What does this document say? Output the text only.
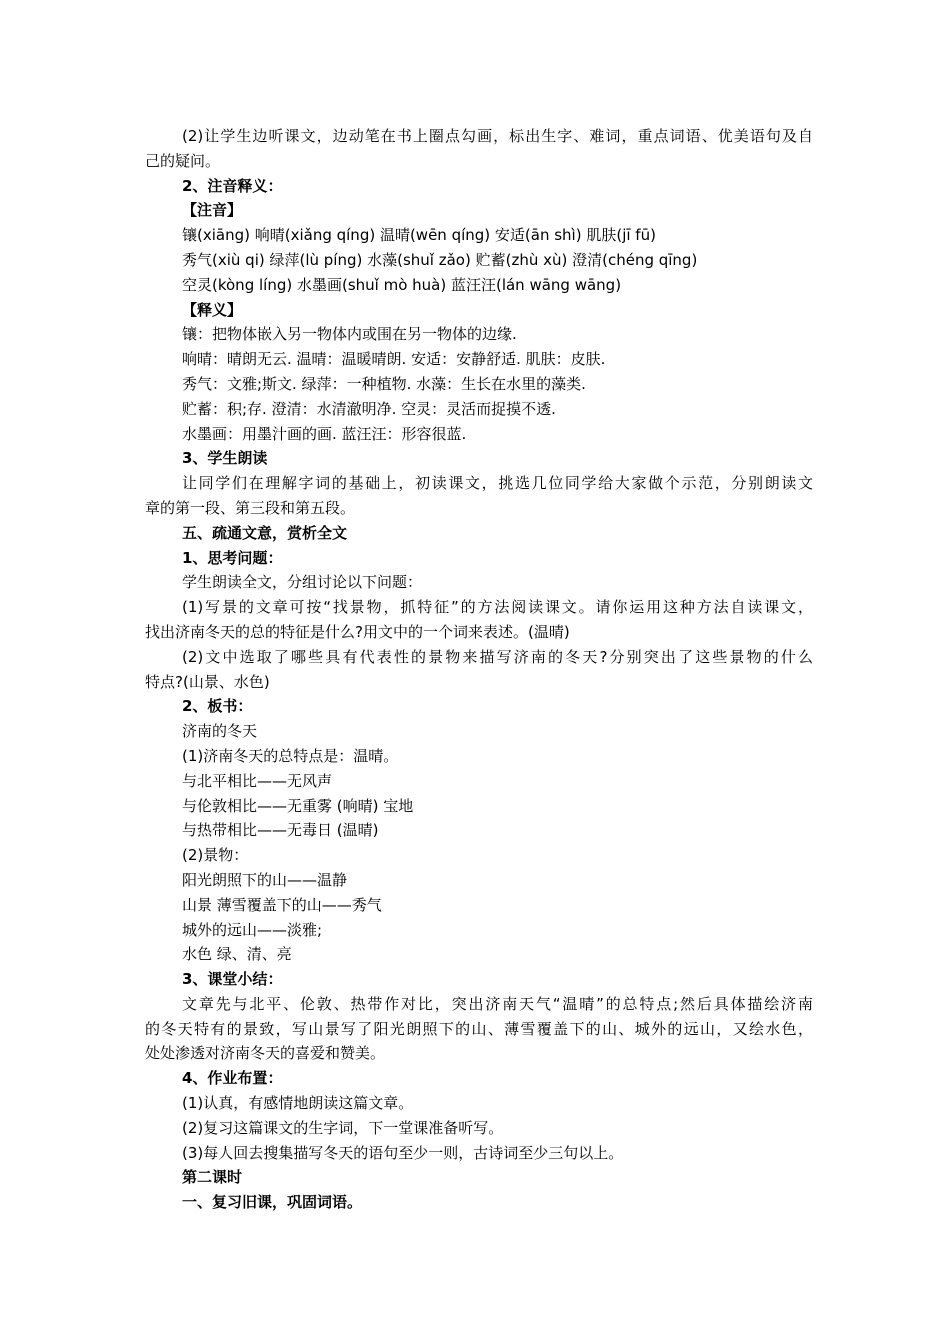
(2)让学生边听课文，边动笔在书上圈点勾画，标出生字、难词，重点词语、优美语句及自
己的疑问。
2、注音释义：
【注音】
镶(xiāng) 响晴(xiǎng qíng) 温晴(wēn qíng) 安适(ān shì) 肌肤(jī fū)
秀气(xiù qi) 绿萍(lù píng) 水藻(shuǐ zǎo) 贮蓄(zhù xù) 澄清(chéng qīng)
空灵(kòng líng) 水墨画(shuǐ mò huà) 蓝汪汪(lán wāng wāng)
【释义】
镶：把物体嵌入另一物体内或围在另一物体的边缘.
响晴：晴朗无云. 温晴：温暖晴朗. 安适：安静舒适. 肌肤：皮肤.
秀气：文雅;斯文. 绿萍：一种植物. 水藻：生长在水里的藻类.
贮蓄：积;存. 澄清：水清澈明净. 空灵：灵活而捉摸不透.
水墨画：用墨汁画的画. 蓝汪汪：形容很蓝.
3、学生朗读
让同学们在理解字词的基础上，初读课文，挑选几位同学给大家做个示范，分别朗读文
章的第一段、第三段和第五段。
五、疏通文意，赏析全文
1、思考问题：
学生朗读全文，分组讨论以下问题：
(1)写景的文章可按“找景物，抓特征”的方法阅读课文。请你运用这种方法自读课文，
找出济南冬天的总的特征是什么?用文中的一个词来表述。(温晴)
(2)文中选取了哪些具有代表性的景物来描写济南的冬天?分别突出了这些景物的什么
特点?(山景、水色)
2、板书：
济南的冬天
(1)济南冬天的总特点是：温晴。
与北平相比——无风声
与伦敦相比——无重雾 (响晴) 宝地
与热带相比——无毒日 (温晴)
(2)景物：
阳光朗照下的山——温静
山景 薄雪覆盖下的山——秀气
城外的远山——淡雅;
水色 绿、清、亮
3、课堂小结：
文章先与北平、伦敦、热带作对比，突出济南天气“温晴”的总特点;然后具体描绘济南
的冬天特有的景致，写山景写了阳光朗照下的山、薄雪覆盖下的山、城外的远山，又绘水色，
处处渗透对济南冬天的喜爱和赞美。
4、作业布置：
(1)认真，有感情地朗读这篇文章。
(2)复习这篇课文的生字词，下一堂课准备听写。
(3)每人回去搜集描写冬天的语句至少一则，古诗词至少三句以上。
第二课时
一、复习旧课，巩固词语。
